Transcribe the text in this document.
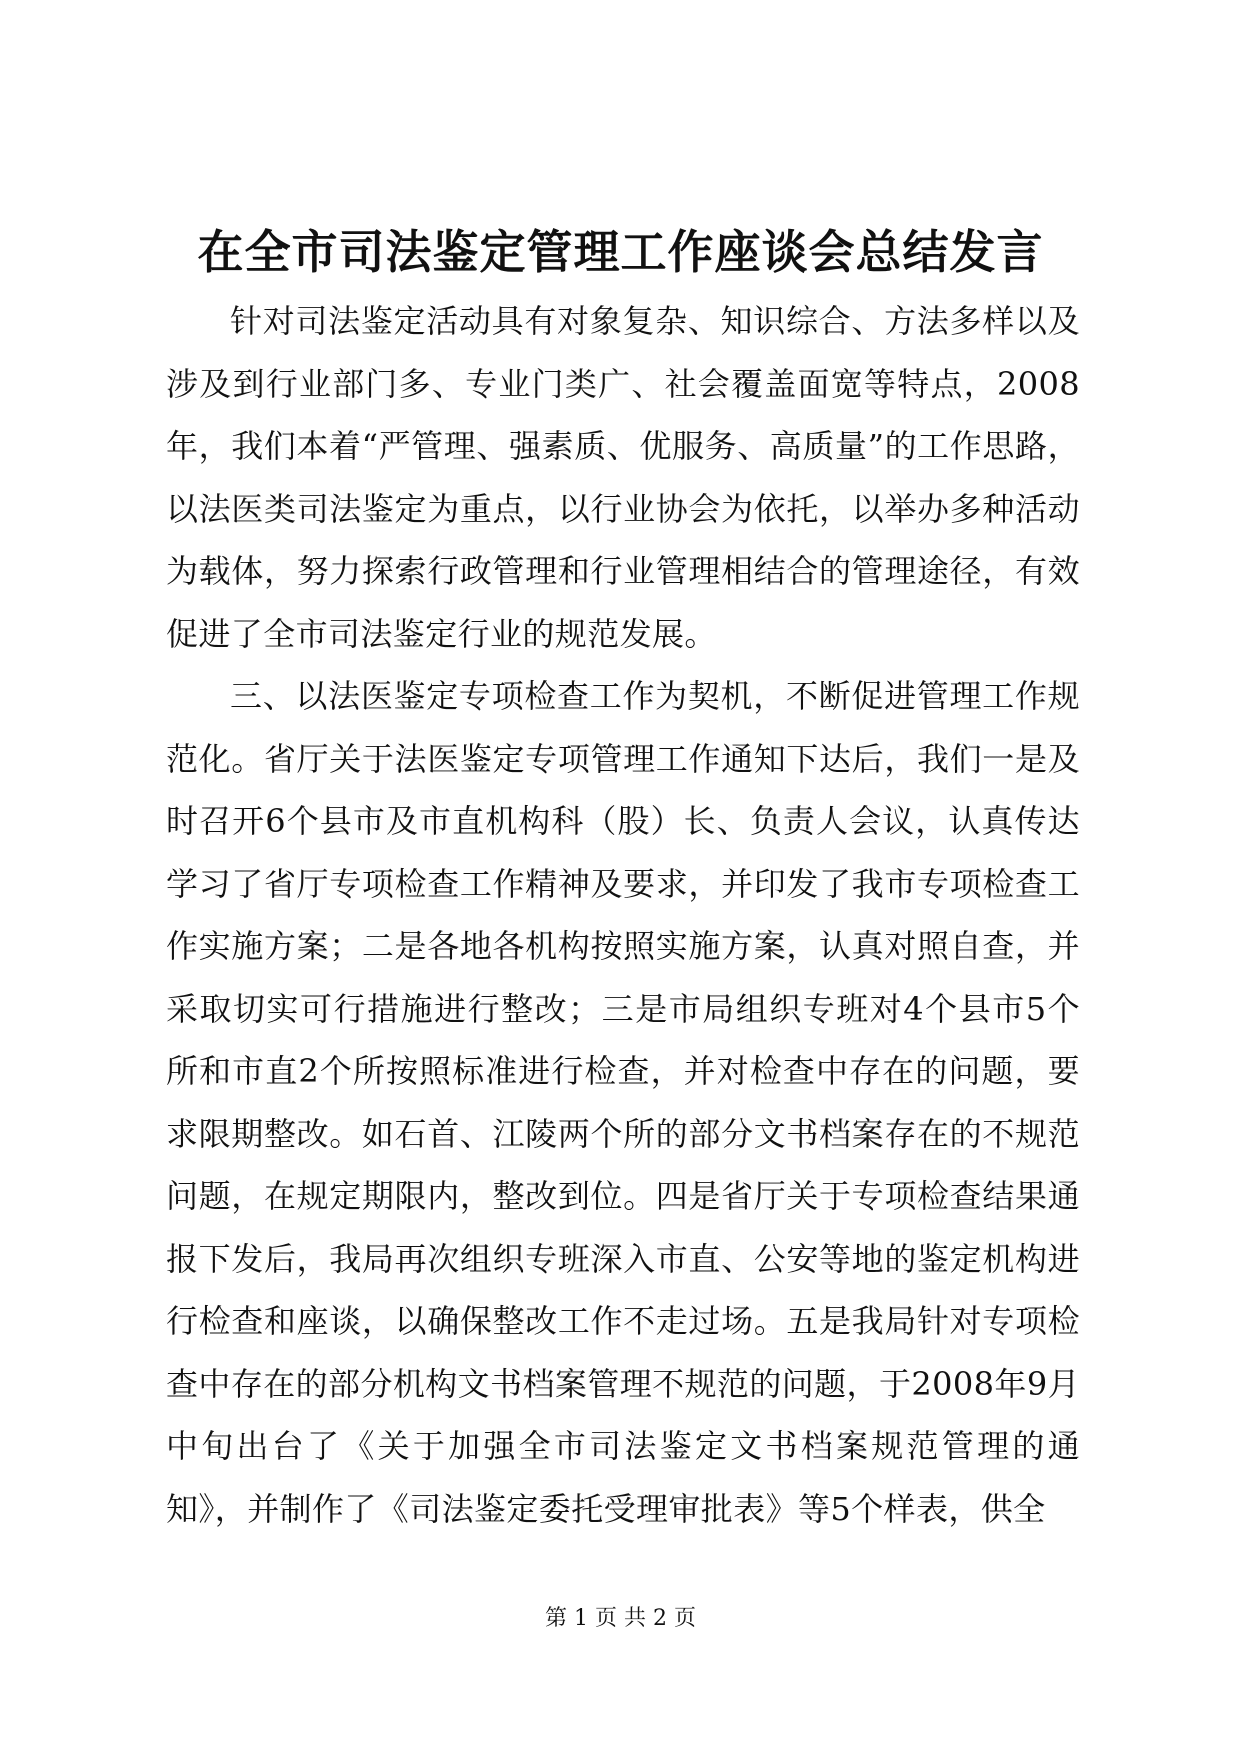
在全市司法鉴定管理工作座谈会总结发言

针对司法鉴定活动具有对象复杂、知识综合、方法多样以及涉及到行业部门多、专业门类广、社会覆盖面宽等特点，2008年，我们本着“严管理、强素质、优服务、高质量”的工作思路，以法医类司法鉴定为重点，以行业协会为依托，以举办多种活动为载体，努力探索行政管理和行业管理相结合的管理途径，有效促进了全市司法鉴定行业的规范发展。

三、以法医鉴定专项检查工作为契机，不断促进管理工作规范化。省厅关于法医鉴定专项管理工作通知下达后，我们一是及时召开6个县市及市直机构科（股）长、负责人会议，认真传达学习了省厅专项检查工作精神及要求，并印发了我市专项检查工作实施方案；二是各地各机构按照实施方案，认真对照自查，并采取切实可行措施进行整改；三是市局组织专班对4个县市5个所和市直2个所按照标准进行检查，并对检查中存在的问题，要求限期整改。如石首、江陵两个所的部分文书档案存在的不规范问题，在规定期限内，整改到位。四是省厅关于专项检查结果通报下发后，我局再次组织专班深入市直、公安等地的鉴定机构进行检查和座谈，以确保整改工作不走过场。五是我局针对专项检查中存在的部分机构文书档案管理不规范的问题，于2008年9月中旬出台了《关于加强全市司法鉴定文书档案规范管理的通知》，并制作了《司法鉴定委托受理审批表》等5个样表，供全

第 1 页 共 2 页
